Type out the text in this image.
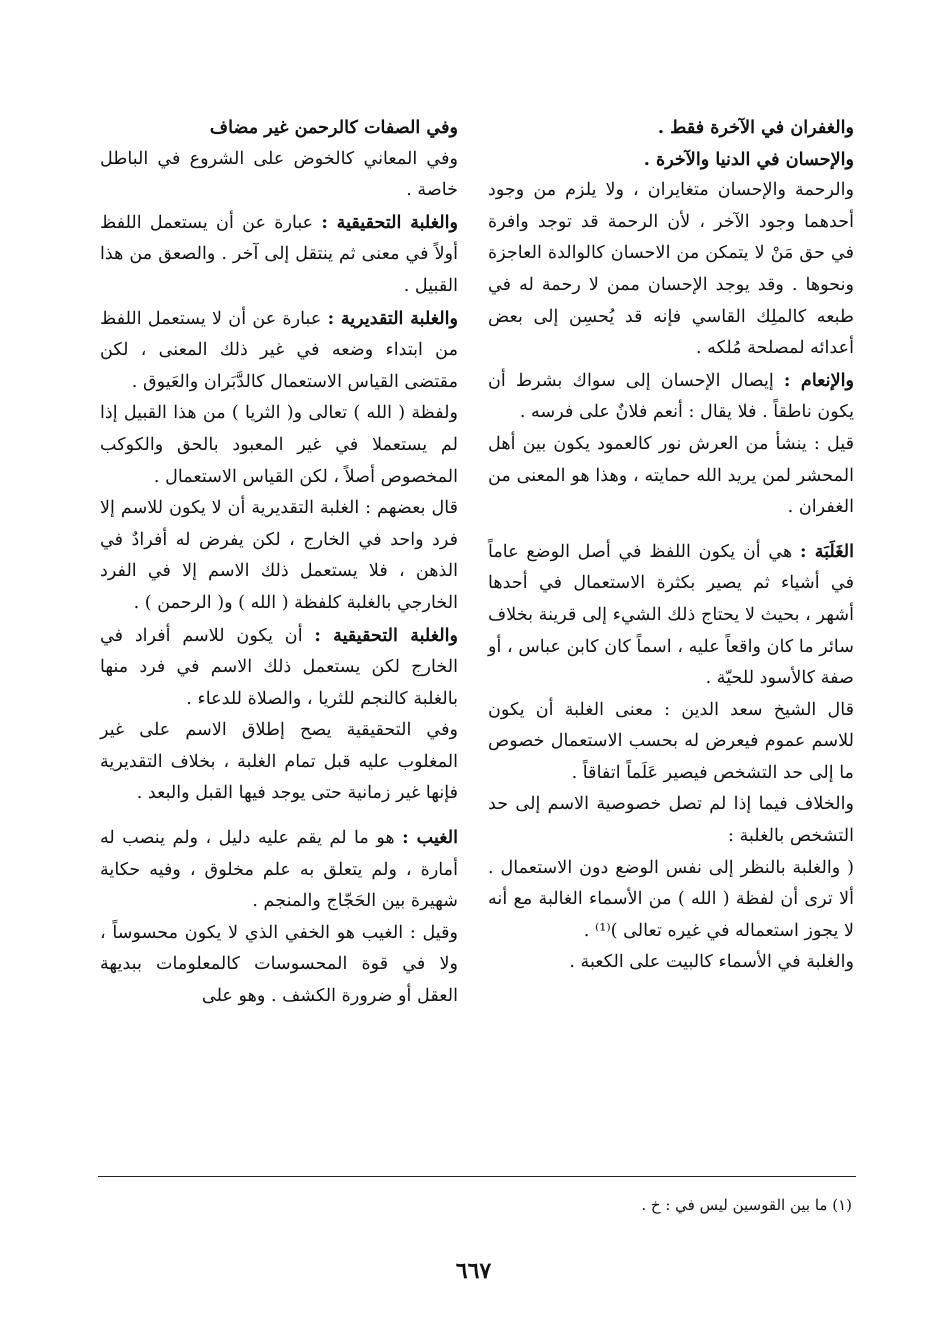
والغفران في الآخرة فقط .

والإحسان في الدنيا والآخرة .

والرحمة والإحسان متغايران ، ولا يلزم من وجود أحدهما وجود الآخر ، لأن الرحمة قد توجد وافرة في حق مَنْ لا يتمكن من الاحسان كالوالدة العاجزة ونحوها . وقد يوجد الإحسان ممن لا رحمة له في طبعه كالملِك القاسي فإنه قد يُحسِن إلى بعض أعدائه لمصلحة مُلكه .

والإنعام : إيصال الإحسان إلى سواك بشرط أن يكون ناطقاً . فلا يقال : أنعم فلانٌ على فرسه .

قيل : ينشأ من العرش نور كالعمود يكون بين أهل المحشر لمن يريد الله حمايته ، وهذا هو المعنى من الغفران .

الغَلَبَة : هي أن يكون اللفظ في أصل الوضع عاماً في أشياء ثم يصير بكثرة الاستعمال في أحدها أشهر ، بحيث لا يحتاج ذلك الشيء إلى قرينة بخلاف سائر ما كان واقعاً عليه ، اسماً كان كابن عباس ، أو صفة كالأسود للحيّة .

قال الشيخ سعد الدين : معنى الغلبة أن يكون للاسم عموم فيعرض له بحسب الاستعمال خصوص ما إلى حد التشخص فيصير عَلَماً اتفاقاً .

والخلاف فيما إذا لم تصل خصوصية الاسم إلى حد التشخص بالغلبة :

( والغلبة بالنظر إلى نفس الوضع دون الاستعمال . ألا ترى أن لفظة ( الله ) من الأسماء الغالبة مع أنه لا يجوز استعماله في غيره تعالى )⁽¹⁾ .

والغلبة في الأسماء كالبيت على الكعبة .

وفي الصفات كالرحمن غير مضاف

وفي المعاني كالخوض على الشروع في الباطل خاصة .

والغلبة التحقيقية : عبارة عن أن يستعمل اللفظ أولاً في معنى ثم ينتقل إلى آخر . والصعق من هذا القبيل .

والغلبة التقديرية : عبارة عن أن لا يستعمل اللفظ من ابتداء وضعه في غير ذلك المعنى ، لكن مقتضى القياس الاستعمال كالدَّبَران والعَيوق .

ولفظة ( الله ) تعالى و( الثريا ) من هذا القبيل إذا لم يستعملا في غير المعبود بالحق والكوكب المخصوص أصلاً ، لكن القياس الاستعمال .

قال بعضهم : الغلبة التقديرية أن لا يكون للاسم إلا فرد واحد في الخارج ، لكن يفرض له أفرادٌ في الذهن ، فلا يستعمل ذلك الاسم إلا في الفرد الخارجي بالغلبة كلفظة ( الله ) و( الرحمن ) .

والغلبة التحقيقية : أن يكون للاسم أفراد في الخارج لكن يستعمل ذلك الاسم في فرد منها بالغلبة كالنجم للثريا ، والصلاة للدعاء .

وفي التحقيقية يصح إطلاق الاسم على غير المغلوب عليه قبل تمام الغلبة ، بخلاف التقديرية فإنها غير زمانية حتى يوجد فيها القبل والبعد .

الغيب : هو ما لم يقم عليه دليل ، ولم ينصب له أمارة ، ولم يتعلق به علم مخلوق ، وفيه حكاية شهيرة بين الحَجّاج والمنجم .

وقيل : الغيب هو الخفي الذي لا يكون محسوساً ، ولا في قوة المحسوسات كالمعلومات ببديهة العقل أو ضرورة الكشف . وهو على

(١) ما بين القوسين ليس في : خ .
٦٦٧
